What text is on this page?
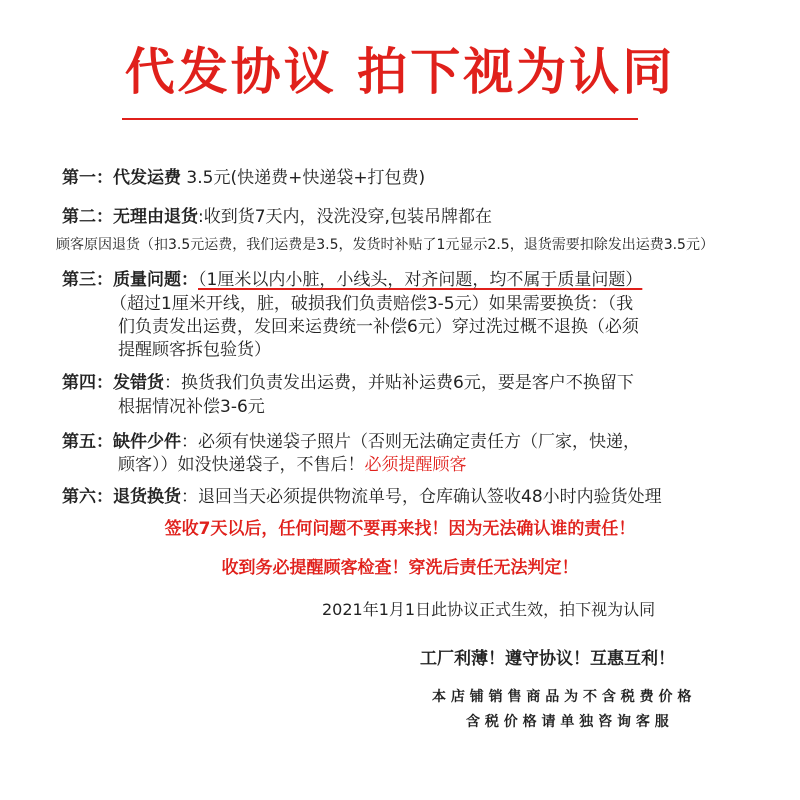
代发协议 拍下视为认同
第一：代发运费 3.5元(快递费+快递袋+打包费)
第二：无理由退货:收到货7天内，没洗没穿,包装吊牌都在
顾客原因退货（扣3.5元运费，我们运费是3.5，发货时补贴了1元显示2.5，退货需要扣除发出运费3.5元）
第三：质量问题：（1厘米以内小脏，小线头，对齐问题，均不属于质量问题）
（超过1厘米开线，脏，破损我们负责赔偿3-5元）如果需要换货：（我
们负责发出运费，发回来运费统一补偿6元）穿过洗过概不退换（必须
提醒顾客拆包验货）
第四：发错货：换货我们负责发出运费，并贴补运费6元，要是客户不换留下
根据情况补偿3-6元
第五：缺件少件：必须有快递袋子照片（否则无法确定责任方（厂家，快递，
顾客））如没快递袋子，不售后！必须提醒顾客
第六：退货换货：退回当天必须提供物流单号，仓库确认签收48小时内验货处理
签收7天以后，任何问题不要再来找！因为无法确认谁的责任！
收到务必提醒顾客检查！穿洗后责任无法判定！
2021年1月1日此协议正式生效，拍下视为认同
工厂利薄！遵守协议！互惠互利！
本 店 铺 销 售 商 品 为 不 含 税 费 价 格
含 税 价 格 请 单 独 咨 询 客 服
